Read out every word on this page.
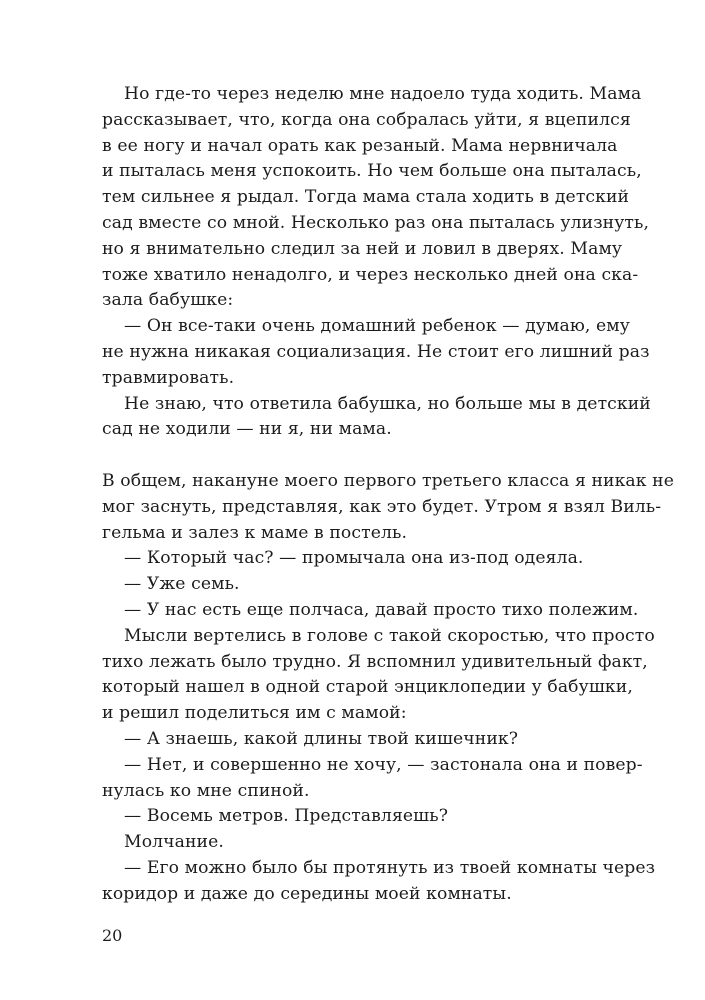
Но где-то через неделю мне надоело туда ходить. Мама
рассказывает, что, когда она собралась уйти, я вцепился
в ее ногу и начал орать как резаный. Мама нервничала
и пыталась меня успокоить. Но чем больше она пыталась,
тем сильнее я рыдал. Тогда мама стала ходить в детский
сад вместе со мной. Несколько раз она пыталась улизнуть,
но я внимательно следил за ней и ловил в дверях. Маму
тоже хватило ненадолго, и через несколько дней она ска-
зала бабушке:
— Он все-таки очень домашний ребенок — думаю, ему
не нужна никакая социализация. Не стоит его лишний раз
травмировать.
Не знаю, что ответила бабушка, но больше мы в детский
сад не ходили — ни я, ни мама.
В общем, накануне моего первого третьего класса я никак не
мог заснуть, представляя, как это будет. Утром я взял Виль-
гельма и залез к маме в постель.
— Который час? — промычала она из-под одеяла.
— Уже семь.
— У нас есть еще полчаса, давай просто тихо полежим.
Мысли вертелись в голове с такой скоростью, что просто
тихо лежать было трудно. Я вспомнил удивительный факт,
который нашел в одной старой энциклопедии у бабушки,
и решил поделиться им с мамой:
— А знаешь, какой длины твой кишечник?
— Нет, и совершенно не хочу, — застонала она и повер-
нулась ко мне спиной.
— Восемь метров. Представляешь?
Молчание.
— Его можно было бы протянуть из твоей комнаты через
коридор и даже до середины моей комнаты.
20
